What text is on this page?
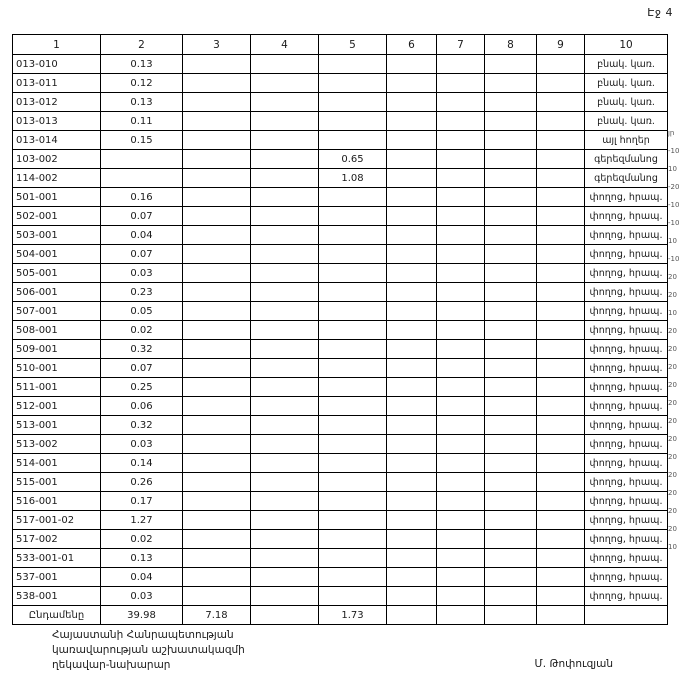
Էջ 4
1	2	3	4	5	6	7	8	9	10
013-010	0.13								բնակ. կառ.
013-011	0.12								բնակ. կառ.
013-012	0.13								բնակ. կառ.
013-013	0.11								բնակ. կառ.
013-014	0.15								այլ հողեր
103-002				0.65					գերեզմանոց
114-002				1.08					գերեզմանոց
501-001	0.16								փողոց, հրապ.
502-001	0.07								փողոց, հրապ.
503-001	0.04								փողոց, հրապ.
504-001	0.07								փողոց, հրապ.
505-001	0.03								փողոց, հրապ.
506-001	0.23								փողոց, հրապ.
507-001	0.05								փողոց, հրապ.
508-001	0.02								փողոց, հրապ.
509-001	0.32								փողոց, հրապ.
510-001	0.07								փողոց, հրապ.
511-001	0.25								փողոց, հրապ.
512-001	0.06								փողոց, հրապ.
513-001	0.32								փողոց, հրապ.
513-002	0.03								փողոց, հրապ.
514-001	0.14								փողոց, հրապ.
515-001	0.26								փողոց, հրապ.
516-001	0.17								փողոց, հրապ.
517-001-02	1.27								փողոց, հրապ.
517-002	0.02								փողոց, հրապ.
533-001-01	0.13								փողոց, հրապ.
537-001	0.04								փողոց, հրապ.
538-001	0.03								փողոց, հրապ.
Ընդամենը	39.98	7.18		1.73					
յր
-10
10
-20
-10
-10
10
-10
20
20
10
20
20
20
20
20
20
20
20
20
20
20
20
10
Հայաստանի Հանրապետության
կառավարության աշխատակազմի
ղեկավար-նախարար	Մ. Թոփուզյան
